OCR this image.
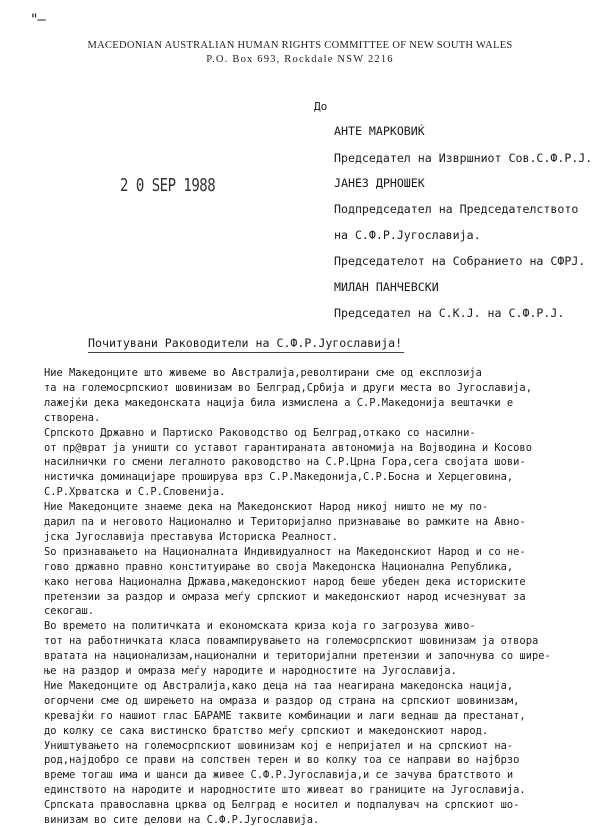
"–
MACEDONIAN AUSTRALIAN HUMAN RIGHTS COMMITTEE OF NEW SOUTH WALES
P.O. Box 693, Rockdale NSW 2216
До
2 0 SEP 1988
АНТЕ МАРКОВИЌ
Председател на Извршниот Сов.С.Ф.Р.Ј.
ЈАНЕЗ ДРНОШЕК
Подпредседател на Председателството
на С.Ф.Р.Југославија.
Председателот на Собранието на СФРЈ.
МИЛАН ПАНЧЕВСКИ
Председател на С.К.Ј. на С.Ф.Р.Ј.
Почитувани Раководители на С.Ф.Р.Југославија!
Ние Македонците што живеме во Австралија,револтирани сме од експлозија
та на големосрпскиот шовинизам во Белград,Србија и други места во Југославија,
лажејќи дека македонската нација била измислена а С.Р.Македонија вештачки е
створена.
Српското Државно и Партиско Раководство од Белград,откако со насилни-
от пр@врат ја уништи со уставот гарантираната автономија на Војводина и Косово
насилнички го смени легалното раководство на С.Р.Црна Гора,сега својата шови-
нистичка доминацијаре проширува врз С.Р.Македонија,С.Р.Босна и Херцеговина,
С.Р.Хрватска и С.Р.Словенија.
Ние Македонците знаеме дека на Македонскиот Народ никој ништо не му по-
дарил па и неговото Национално и Територијално признавање во рамките на Авно-
јска Југославија преставува Историска Реалност.
So признавањето на Националната Индивидуалност на Македонскиот Народ и со не-
гово државно правно конституирање во своја Македонска Национална Република,
како негова Национална Држава,македонскиот народ беше убеден дека историските
претензии за раздор и омраза меѓу српскиот и македонскиот народ исчезнуват за
секогаш.
Во времето на политичката и економската криза која го загрозува живо-
тот на работничката класа повампирувањето на големосрпскиот шовинизам ја отвора
вратата на национализам,национални и територијални претензии и започнува со шире-
ње на раздор и омраза меѓу народите и народностите на Југославија.
Ние Македонците од Австралија,како деца на таа неагирана македонска нација,
огорчени сме од ширењето на омраза и раздор од страна на српскиот шовинизам,
кревајќи го нашиот глас БАРАМЕ таквите комбинации и лаги веднаш да престанат,
до колку се сака вистинско братство меѓу српскиот и македонскиот народ.
Уништувањето на големосрпскиот шовинизам кој е непријател и на српскиот на-
род,најдобро се прави на сопствен терен и во колку тоа се направи во најбрзо
време тогаш има и шанси да живее С.Ф.Р.Југославија,и се зачува братството и
единството на народите и народностите што живеат во границите на Југославија.
Српската православна црква од Белград е носител и подпалувач на српскиот шо-
винизам во сите делови на С.Ф.Р.Југославија.
